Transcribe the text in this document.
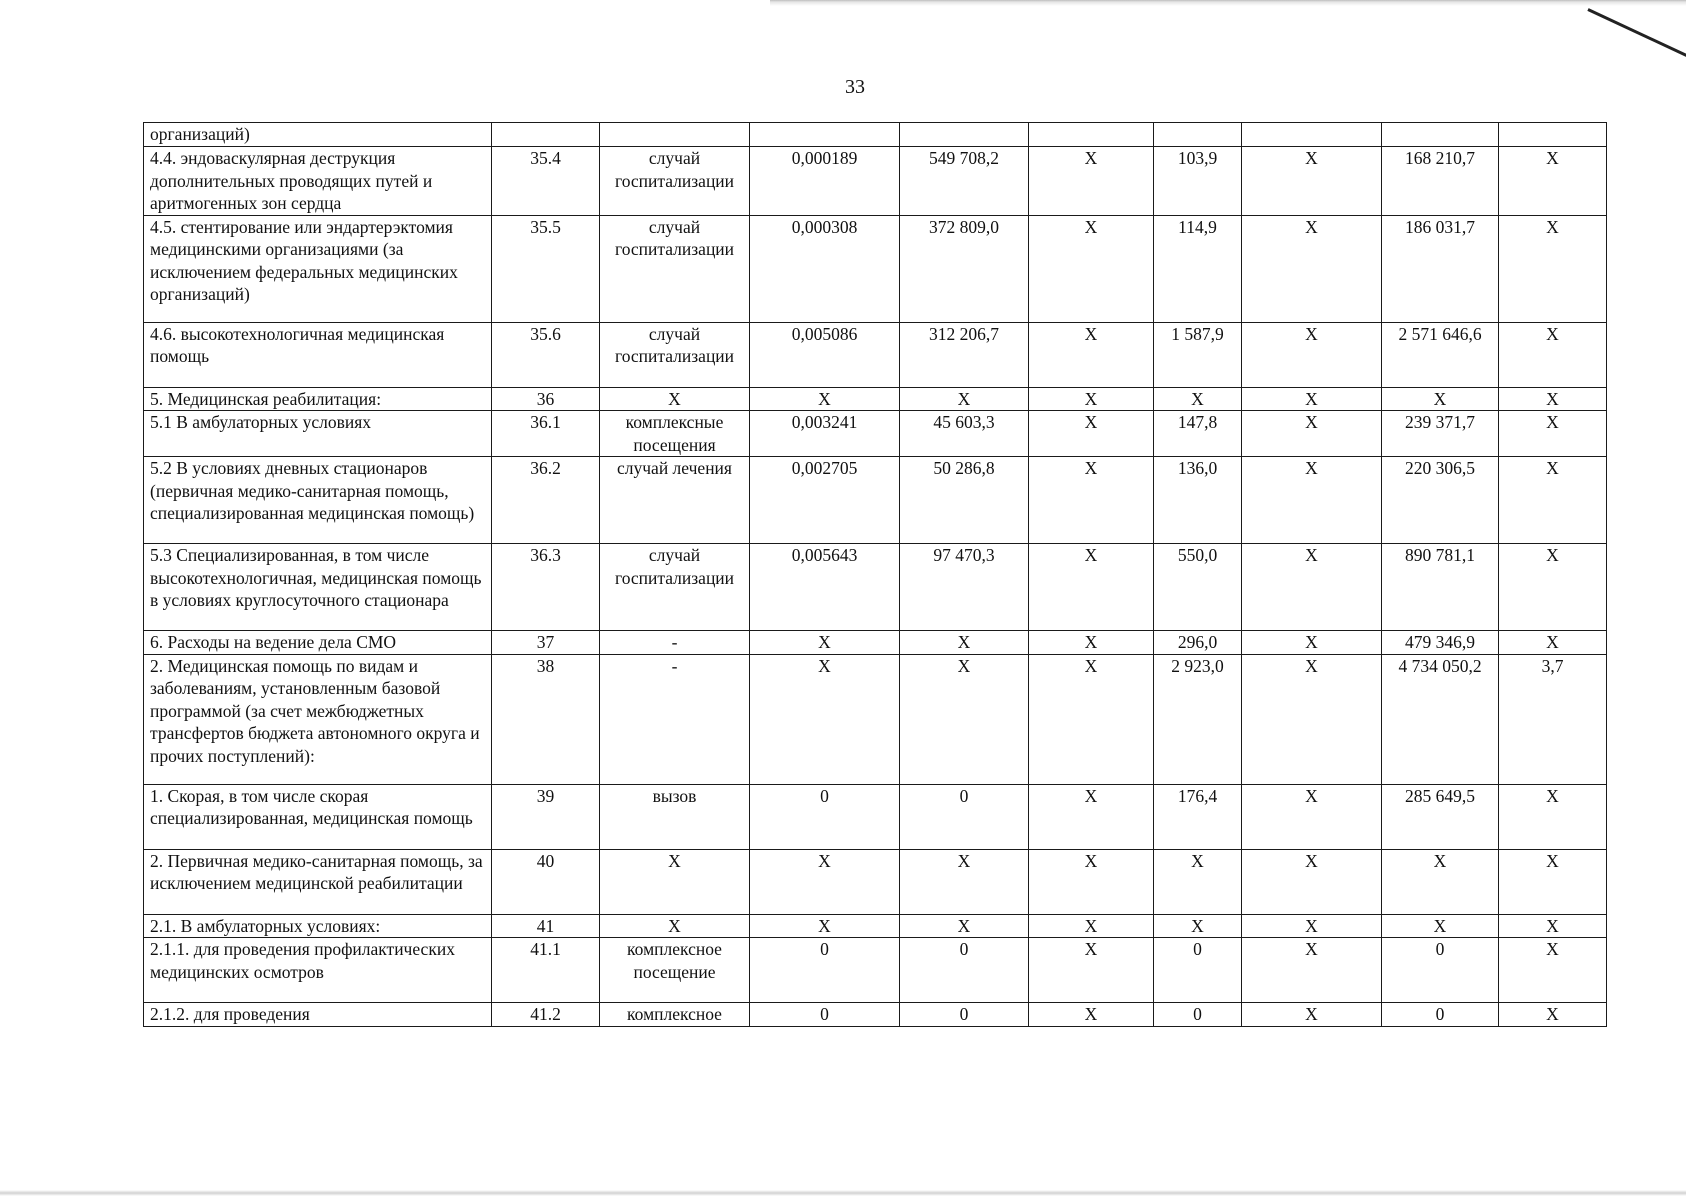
33
организаций)									
4.4. эндоваскулярная деструкция дополнительных проводящих путей и аритмогенных зон сердца	35.4	случай госпитализации	0,000189	549 708,2	X	103,9	X	168 210,7	X
4.5. стентирование или эндартерэктомия медицинскими организациями (за исключением федеральных медицинских организаций)	35.5	случай госпитализации	0,000308	372 809,0	X	114,9	X	186 031,7	X
4.6. высокотехнологичная медицинская помощь	35.6	случай госпитализации	0,005086	312 206,7	X	1 587,9	X	2 571 646,6	X
5. Медицинская реабилитация:	36	X	X	X	X	X	X	X	X
5.1 В амбулаторных условиях	36.1	комплексные посещения	0,003241	45 603,3	X	147,8	X	239 371,7	X
5.2 В условиях дневных стационаров (первичная медико-санитарная помощь, специализированная медицинская помощь)	36.2	случай лечения	0,002705	50 286,8	X	136,0	X	220 306,5	X
5.3 Специализированная, в том числе высокотехнологичная, медицинская помощь в условиях круглосуточного стационара	36.3	случай госпитализации	0,005643	97 470,3	X	550,0	X	890 781,1	X
6. Расходы на ведение дела СМО	37	-	X	X	X	296,0	X	479 346,9	X
2. Медицинская помощь по видам и заболеваниям, установленным базовой программой (за счет межбюджетных трансфертов бюджета автономного округа и прочих поступлений):	38	-	X	X	X	2 923,0	X	4 734 050,2	3,7
1. Скорая, в том числе скорая специализированная, медицинская помощь	39	вызов	0	0	X	176,4	X	285 649,5	X
2. Первичная медико-санитарная помощь, за исключением медицинской реабилитации	40	X	X	X	X	X	X	X	X
2.1. В амбулаторных условиях:	41	X	X	X	X	X	X	X	X
2.1.1. для проведения профилактических медицинских осмотров	41.1	комплексное посещение	0	0	X	0	X	0	X
2.1.2. для проведения	41.2	комплексное	0	0	X	0	X	0	X
